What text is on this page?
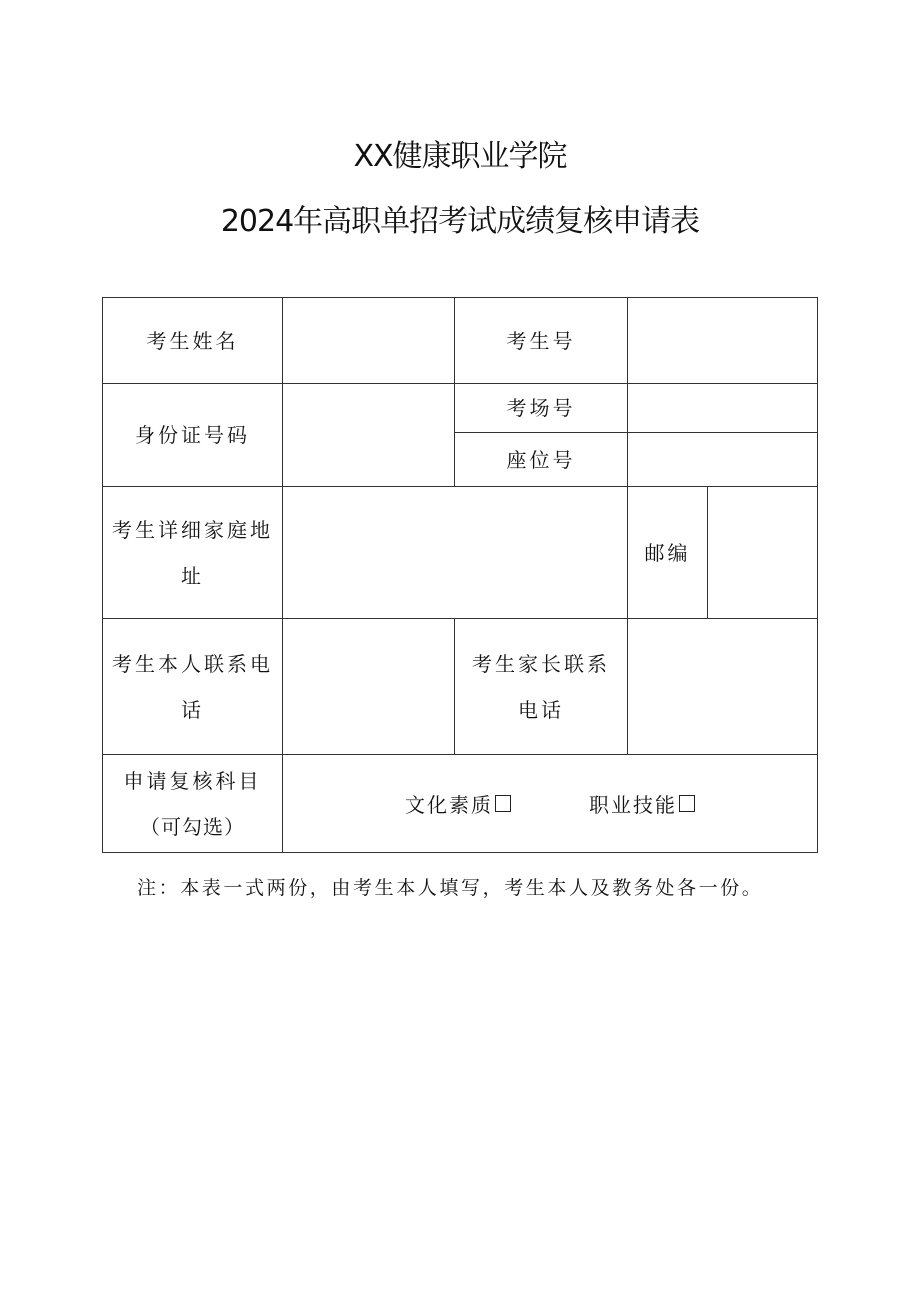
XX健康职业学院
2024年高职单招考试成绩复核申请表
考生姓名	考生号
身份证号码
考场号
座位号
考生详细家庭地
址
邮编
考生本人联系电
话
考生家长联系
电话
申请复核科目
（可勾选）
文化素质	职业技能
注：本表一式两份，由考生本人填写，考生本人及教务处各一份。
